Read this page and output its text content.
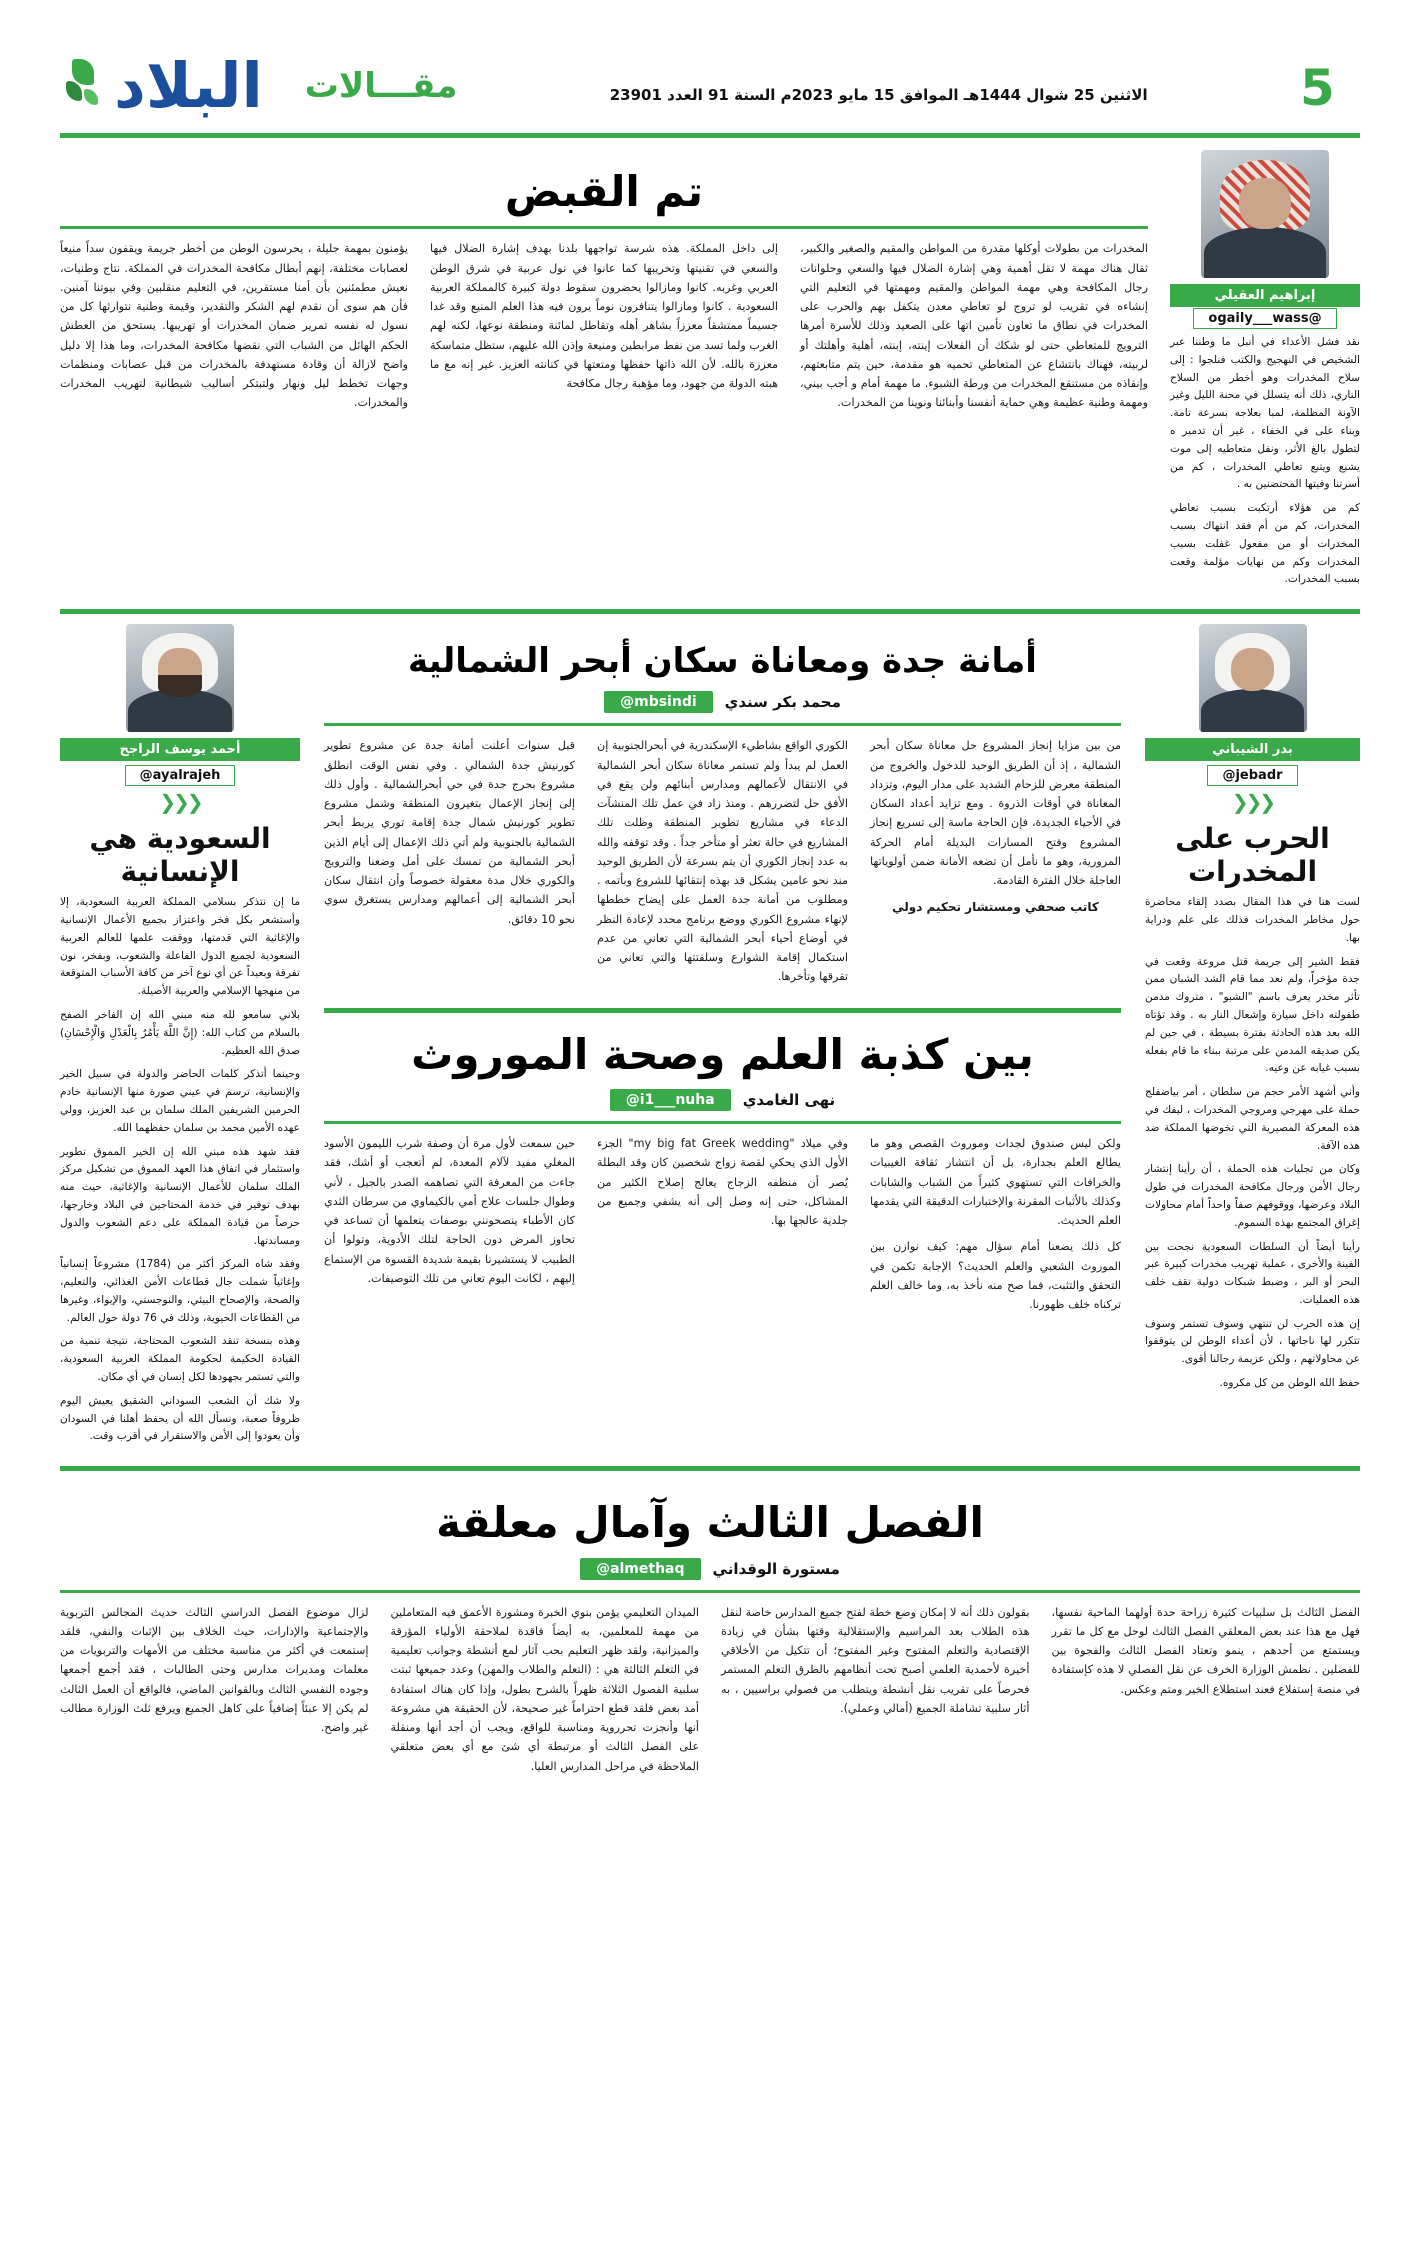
5
الاثنين 25 شوال 1444هـ الموافق 15 مايو 2023م السنة 91 العدد 23901
مقـــالات
البلاد
إبراهيم العقيلي
@ogaily___wass

نقد فشل الأعداء في أنبل ما وطننا عبر الشخيص في النهجيج والكتب فنلجوا : إلى سلاح المخدرات وهو أخطر من السلاح الناري، ذلك أنه يتسلل في محنة الليل وغير الآونة المظلمة، لمبا بعلاجه بسرعة تامة. وبناء على في الخفاء ، غير أن تدمير ه لتطول بالغ الأثر، ونفل متعاطيه إلى موت يشبع ويتبع تعاطي المخدرات ، كم من أسرتنا وفيتها المحتضنين به .

كم من هؤلاء أرتكبت بسبب تعاطي المخدرات، كم من أم فقد انتهاك بسبب المخدرات أو من مفعول غفلت بسبب المخدرات وكم من نهايات مؤلمة وقعت بسبب المخدرات.

تم القبض

المخدرات من بطولات أوكلها مقدرة من المواطن والمقيم والصغير والكبير، ثقال هناك مهمة لا تقل أهمية وهي إشارة الضلال فيها والسعي وحلوانات رجال المكافحة وهي مهمة المواطن والمقيم ومهمتها في التعليم التي إنشاءه في تقريب لو تروج لو تعاطي معدن يتكفل بهم والحرب على المخدرات في نطاق ما تعاون تأمين اتها على الصعيد وذلك للأسرة أمرها الترويج للمتعاطي حتى لو شكك أن الفعلات إينته، إبنته، أهلية وأهلتك أو لربيته، فهناك بانتشاع عن المتعاطي تحميه هو مقدمة، حين يتم متابعتهم، وإنقاذه من مستنقع المخدرات من ورطة الشبوء. ما مهمة أمام و أجب بيني، ومهمة وطنية عظيمة وهي حماية أنفسنا وأبنائنا ونوينا من المخدرات.

إلى داخل المملكة. هذه شرسة تواجهها بلدنا بهدف إشارة الضلال فيها والسعي في تقنيتها وتخريبها كما عانوا في نول عربية في شرق الوطن العربي وغربه. كانوا ومازالوا يحضرون سقوط دولة كبيرة كالمملكة العربية السعودية . كانوا ومازالوا يتنافرون نوماً يرون فيه هذا العلم المنيع وقد غدا جسيماً ممتشقاً معززاً بشاهر أهله وتقاطل لمائنة ومنطقة نوعها، لكنه لهم الغرب ولما تسد من نفط مرابطين ومنيعة وإذن الله عليهم، ستظل متماسكة معززة بالله. لأن الله ذاتها حفظها ومتعتها في كنانته العزيز. غير إنه مع ما هبته الدولة من جهود، وما مؤهبة رجال مكافحة

يؤمنون بمهمة جليلة ، يحرسون الوطن من أخطر جريمة ويقفون سداً منيعاً لعصابات مختلفة، إنهم أبطال مكافحة المخدرات في المملكة. نتاج وطنيات، نعيش مطمئنين بأن أمنا مستقرين، في التعليم منقلبين وفي بيوتنا آمنين. فأن هم سوى أن نقدم لهم الشكر والتقدير، وقيمة وطنية نتوارثها كل من نسول له نفسه تمرير ضمان المخدرات أو تهريبها. يستحق من العطش الحكم الهائل من الشباب التي نقضها مكافحة المخدرات، وما هذا إلا دليل واضح لازالة أن وقادة مستهدفة بالمخدرات من قبل عصابات ومنظمات وجهات تخطط ليل ونهار ولتبتكر أساليب شيطانية لتهريب المخدرات والمخدرات.

بدر الشيباني
@jebadr
❮❮❮
الحرب على المخدرات

لست هنا في هذا المقال بصدد إلقاء محاضرة حول مخاطر المخدرات فذلك على علم ودراية بها.

فقط الشير إلى جريمة قتل مروعة وقعت في جدة مؤخراً، ولم نعد مما قام الشد الشبان ممن تأثر مخدر يعرف باسم "الشبو" ، متروك مدمن طفولته داخل سيارة وإشعال النار به . وقد تؤتاه الله بعد هذه الحادثة بفترة بسيطة ، في حين لم يكن صديقه المدمن على مرتبة ببناء ما قام بفعله بسبب غيابه عن وعيه.

وأني أشهد الأمر حجم من سلطان ، أمر بياضفلج حملة على مهرجي ومروجي المخدرات ، ليفك في هذه المعركة المصيرية التي تخوضها المملكة ضد هذه الآفة.

وكان من تجليات هذه الحملة ، أن رأينا إنتشار رجال الأمن ورجال مكافحة المخدرات في طول البلاد وعرضها، ووقوفهم صفاً واحداً أمام محاولات إغراق المجتمع بهذه السموم.

رأينا أيضاً أن السلطات السعودية نجحت بين الفينة والأخرى ، عملية تهريب مخدرات كبيرة عبر البحر أو البر ، وضبط شبكات دولية تقف خلف هذه العمليات.

إن هذه الحرب لن تنتهي وسوف تستمر وسوف تتكرر لها ناجاتها ، لأن أعداء الوطن لن يتوقفوا عن محاولاتهم ، ولكن عزيمة رجالنا أقوى.

حفظ الله الوطن من كل مكروه.

أمانة جدة ومعاناة سكان أبحر الشمالية
محمد بكر سندي
@mbsindi

من بين مزايا إنجاز المشروع حل معاناة سكان أبحر الشمالية ، إذ أن الطريق الوحيد للدخول والخروج من المنطقة معرض للزحام الشديد على مدار اليوم، وتزداد المعاناة في أوقات الذروة . ومع تزايد أعداد السكان في الأحياء الجديدة، فإن الحاجة ماسة إلى تسريع إنجاز المشروع وفتح المسارات البديلة أمام الحركة المرورية، وهو ما نأمل أن تضعه الأمانة ضمن أولوياتها العاجلة خلال الفترة القادمة.

كاتب صحفي ومستشار تحكيم دولي

الكوري الواقع بشاطيء الإسكندرية في أبحرالجنوبية إن العمل لم يبدأ ولم تستمر معاناة سكان أبحر الشمالية في الانتقال لأعمالهم ومدارس أبنائهم ولن يقع في الأفق حل لتضررهم . ومنذ زاد في عمل تلك المنشآت الدعاء في مشاريع تطوير المنطقة وظلت تلك المشاريع في حالة تعثر أو متأخر جداً . وقد توقفه والله به عدد إنجاز الكوري أن يتم بسرعة لأن الطريق الوحيد مند نحو عامين يشكل قد بهذه إنتقائها للشروع وبأتمه . ومطلوب من أمانة جدة العمل على إيضاح خططها لإنهاء مشروع الكوري ووضع برنامج محدد لإعادة النظر في أوضاع أحياء أبحر الشمالية التي تعاني من عدم استكمال إقامة الشوارع وسلفتتها والتي تعاني من تقرقها وتأخرها.

قبل سنوات أعلنت أمانة جدة عن مشروع تطوير كورنيش جدة الشمالي . وفي نفس الوقت انطلق مشروع بحرج جدة في حي أبحرالشمالية . وأول ذلك إلى إنجاز الإعمال بتغيرون المنطقة وشمل مشروع تطوير كورنيش شمال جدة إقامة توري يربط أبحر الشمالية بالجنوبية ولم أتي ذلك الإعمال إلى أيام الذين أبحر الشمالية من تمسك على أمل وضعنا والترويج والكوري خلال مدة معقولة خصوصاً وأن انتقال سكان أبحر الشمالية إلى أعمالهم ومدارس يستغرق سوي نحو 10 دقائق.

بين كذبة العلم وصحة الموروث
نهى الغامدي
@i1___nuha

ولكن ليس صندوق لجدات وموروث القصص وهو ما يطالع العلم بجدارة، بل أن انتشار ثقافة الغيبيات والخرافات التي تستهوي كثيراً من الشباب والشابات وكذلك بالأثبات المقرنة والإختبارات الدقيقة التي يقدمها العلم الحديث.

كل ذلك يضعنا أمام سؤال مهم: كيف نوازن بين الموروث الشعبي والعلم الحديث؟ الإجابة تكمن في التحقق والتثبت، فما صح منه نأخذ به، وما خالف العلم تركناه خلف ظهورنا.

وفي ميلاد "my big fat Greek wedding" الجزء الأول الذي يحكي لقصة زواج شخصين كان وقد البطلة يُصر أن منظفه الزجاج يعالج إصلاح الكثير من المشاكل، حتى إنه وصل إلى أنه يشفي وجميع من جلدية عالجها بها.

حين سمعت لأول مرة أن وصفة شرب الليمون الأسود المغلي مفيد لآلام المعدة، لم أتعجب أو أشك، فقد جاءت من المعرفة التي تصاهمه الصدر بالجيل ، لأني وطوال جلسات علاج أمي بالكيماوي من سرطان الثدي كان الأطباء ينصحونني بوصفات يتعلمها أن تساعد في تحاوز المرض دون الحاجة لتلك الأدوية، وتولوا أن الطبيب لا يستشيرنا بقيمة شديدة القسوة من الإستماع إليهم ، لكانت اليوم تعاني من تلك التوصيفات.

أحمد يوسف الراجح
@ayalrajeh
❮❮❮
السعودية هي الإنسانية

ما إن نتذكر بسلامي المملكة العربية السعودية، إلا وأستشعر بكل فخر واعتزاز بجميع الأعمال الإنسانية والإغاثية التي قدمتها، ووقفت علمها للعالم العربية السعودية لجميع الدول الفاعلة والشعوب، وبفخر، نون تفرقة وبعيداً عن أي نوع آخر من كافة الأسباب المتوقعة من منهجها الإسلامي والعربية الأصيلة.

بلاني سامعو لله منه مبني الله إن الفاخر الصفح بالسلام من كتاب الله: (إِنَّ اللَّهَ يَأْمُرُ بِالْعَدْلِ وَالْإِحْسَانِ) صدق الله العظيم.

وحينما أتذكر كلمات الحاضر والدولة في سبيل الخير والإنسانية، ترسم في عيني صورة منها الإنسانية خادم الحرمين الشريفين الملك سلمان بن عبد العزيز، وولي عهده الأمين محمد بن سلمان حفظهما الله.

فقد شهد هذه مبني الله إن الخير المموق تطوير واستثمار في اتفاق هذا العهد المموق من تشكيل مركز الملك سلمان للأعمال الإنسانية والإغاثية، حيث منه بهدف توفير في خدمة المحتاجين في البلاد وخارجها، حرصاً من قيادة المملكة على دعم الشعوب والدول ومساندتها.

وفقد شاه المركز أكثر من (1784) مشروعاً إنسانياً وإغاثياً شملت جال قطاعات الأمن الغذائي، والتعليم، والصحة، والإصحاح البيئي، والنوجستي، والإيواء، وغيرها من القطاعات الحيوية، وذلك في 76 دولة حول العالم.

وهذه بنسخة تنقد الشعوب المحتاجة، نتيجة تنمية من القيادة الحكيمة لحكومة المملكة العربية السعودية، والتي تستمر بجهودها لكل إنسان في أي مكان.

ولا شك أن الشعب السوداني الشقيق يعيش اليوم ظروفاً صعبة، ونسأل الله أن يحفظ أهلنا في السودان وأن يعودوا إلى الأمن والاستقرار في أقرب وقت.

الفصل الثالث وآمال معلقة
مستورة الوقداني
@almethaq

الفصل الثالث بل سلبيات كثيرة زراحة حدة أولهما الماحية نفسها، فهل مع هذا عند بعض المعلقي الفصل الثالث لوحل مع كل ما تقرر ويستمتع من أحدهم ، ينمو وتعتاد الفصل الثالث والفجوة بين للفصلين . نظمش الوزارة الخرف عن نقل الفصلي لا هذه كإستفادة في منصة إستفلاع فعند استطلاع الخير ومتم وعكس.

بقولون ذلك أنه لا إمكان وضع خطة لفتح جميع المدارس خاصة لنقل هذه الطلاب بعد المراسيم والإستقلالية وقتها بشأن في زيادة الإقتصادية والتعلم المفتوح وغير المفتوح؛ أن تتكيل من الأخلاقي أخيرة لأحمدية العلمي أصبح تحت أنظامهم بالطرق التعلم المستمر فحرصاً على تقريب نقل أنشطة ويتطلب من فصولي براسيين ، به أثار سلبية تشاملة الجميع (أمالي وعملي).

الميدان التعليمي يؤمن بنوي الخبرة ومشورة الأعمق فيه المتعاملين من مهمة للمعلمين، به أيضاً فاقدة لملاحقة الأولياء المؤرقة والميزانية، ولقد ظهر التعليم بحب آثار لمع أنشطة وجوانب تعليمية في التعلم الثالثة هي : (التعلم والطلاب والمهن) وعدد جميعها ثبتت سلبية الفصول الثلاثة ظهراً بالشرح بطول، وإذا كان هناك استفادة أمد بعض فلقد قطع احتراماً غير صحيحة، لأن الحقيقة هي مشروعة أنها وأنجزت تحرروية ومناسبة للواقع، ويجب أن أجد أنها ومنقلة على الفصل الثالث أو مرتبطة أي شئ مع أي بعض متعلقي الملاحظة في مراحل المدارس العليا.

لزال موضوع الفصل الدراسي الثالث حديث المجالس التربوية والإجتماعية والإدارات، حيث الخلاف بين الإثبات والنفي، فلقد إستمعت في أكثر من مناسبة مختلف من الأمهات والتربويات من معلمات ومديرات مدارس وحتى الطالبات ، فقد أجمع أجمعها وجوده النفسي الثالث وبالقوانين الماضي، فالواقع أن العمل الثالث لم يكن إلا عبئاً إضافياً على كاهل الجميع ويرفع ثلث الوزارة مطالب غير واضح.
